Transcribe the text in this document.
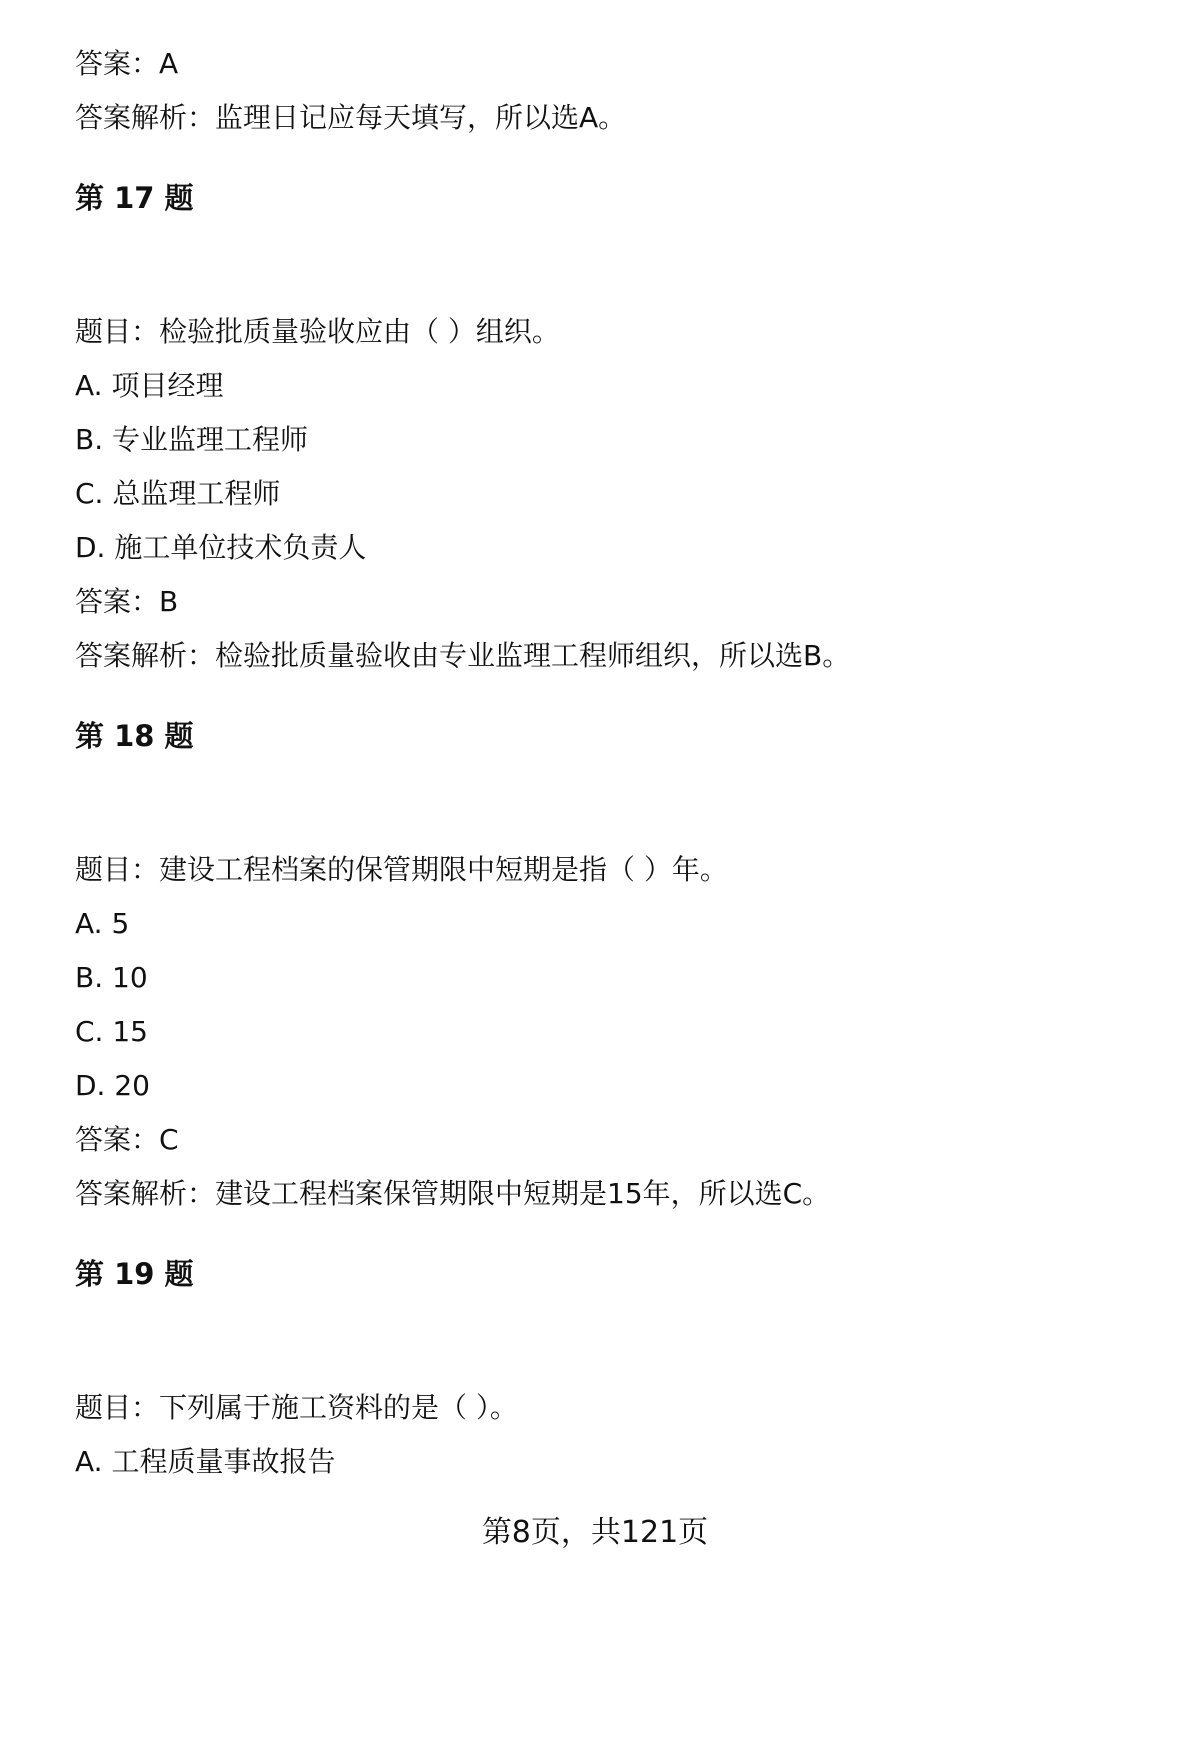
答案：A
答案解析：监理日记应每天填写，所以选A。
第 17 题
题目：检验批质量验收应由（ ）组织。
A. 项目经理
B. 专业监理工程师
C. 总监理工程师
D. 施工单位技术负责人
答案：B
答案解析：检验批质量验收由专业监理工程师组织，所以选B。
第 18 题
题目：建设工程档案的保管期限中短期是指（ ）年。
A. 5
B. 10
C. 15
D. 20
答案：C
答案解析：建设工程档案保管期限中短期是15年，所以选C。
第 19 题
题目：下列属于施工资料的是（ ）。
A. 工程质量事故报告
第8页，共121页
